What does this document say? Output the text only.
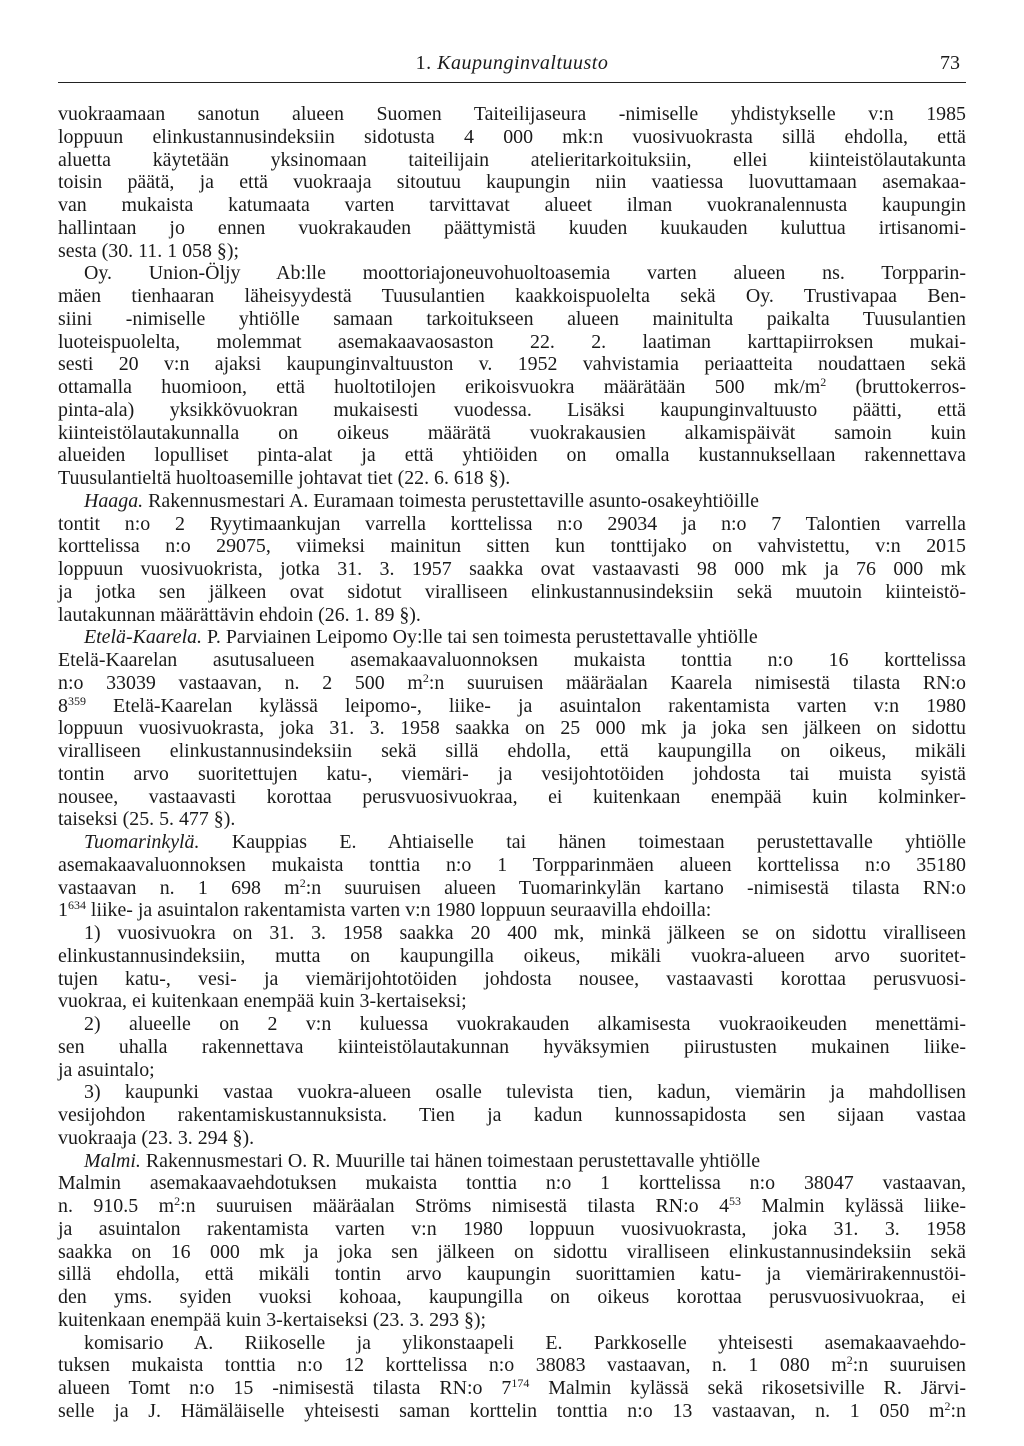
1. Kaupunginvaltuusto	73
vuokraamaan sanotun alueen Suomen Taiteilijaseura -nimiselle yhdistykselle v:n 1985
loppuun elinkustannusindeksiin sidotusta 4 000 mk:n vuosivuokrasta sillä ehdolla, että
aluetta käytetään yksinomaan taiteilijain atelieritarkoituksiin, ellei kiinteistölautakunta
toisin päätä, ja että vuokraaja sitoutuu kaupungin niin vaatiessa luovuttamaan asemakaa-
van mukaista katumaata varten tarvittavat alueet ilman vuokranalennusta kaupungin
hallintaan jo ennen vuokrakauden päättymistä kuuden kuukauden kuluttua irtisanomi-
sesta (30. 11. 1 058 §);
Oy. Union-Öljy Ab:lle moottoriajoneuvohuoltoasemia varten alueen ns. Torpparin-
mäen tienhaaran läheisyydestä Tuusulantien kaakkoispuolelta sekä Oy. Trustivapaa Ben-
siini -nimiselle yhtiölle samaan tarkoitukseen alueen mainitulta paikalta Tuusulantien
luoteispuolelta, molemmat asemakaavaosaston 22. 2. laatiman karttapiirroksen mukai-
sesti 20 v:n ajaksi kaupunginvaltuuston v. 1952 vahvistamia periaatteita noudattaen sekä
ottamalla huomioon, että huoltotilojen erikoisvuokra määrätään 500 $mk/m^2$ (bruttokerros-
pinta-ala) yksikkövuokran mukaisesti vuodessa. Lisäksi kaupunginvaltuusto päätti, että
kiinteistölautakunnalla on oikeus määrätä vuokrakausien alkamispäivät samoin kuin
alueiden lopulliset pinta-alat ja että yhtiöiden on omalla kustannuksellaan rakennettava
Tuusulantieltä huoltoasemille johtavat tiet (22. 6. 618 §).
Haaga. Rakennusmestari A. Euramaan toimesta perustettaville asunto-osakeyhtiöille
tontit n:o 2 Ryytimaankujan varrella korttelissa n:o 29034 ja n:o 7 Talontien varrella
korttelissa n:o 29075, viimeksi mainitun sitten kun tonttijako on vahvistettu, v:n 2015
loppuun vuosivuokrista, jotka 31. 3. 1957 saakka ovat vastaavasti 98 000 mk ja 76 000 mk
ja jotka sen jälkeen ovat sidotut viralliseen elinkustannusindeksiin sekä muutoin kiinteistö-
lautakunnan määrättävin ehdoin (26. 1. 89 §).
Etelä-Kaarela. P. Parviainen Leipomo Oy:lle tai sen toimesta perustettavalle yhtiölle
Etelä-Kaarelan asutusalueen asemakaavaluonnoksen mukaista tonttia n:o 16 korttelissa
n:o 33039 vastaavan, n. 2 500 $m^2:n$ suuruisen määräalan Kaarela nimisestä tilasta RN:o
$8^{359}$ Etelä-Kaarelan kylässä leipomo-, liike- ja asuintalon rakentamista varten v:n 1980
loppuun vuosivuokrasta, joka 31. 3. 1958 saakka on 25 000 mk ja joka sen jälkeen on sidottu
viralliseen elinkustannusindeksiin sekä sillä ehdolla, että kaupungilla on oikeus, mikäli
tontin arvo suoritettujen katu-, viemäri- ja vesijohtotöiden johdosta tai muista syistä
nousee, vastaavasti korottaa perusvuosivuokraa, ei kuitenkaan enempää kuin kolminker-
taiseksi (25. 5. 477 §).
Tuomarinkylä. Kauppias E. Ahtiaiselle tai hänen toimestaan perustettavalle yhtiölle
asemakaavaluonnoksen mukaista tonttia n:o 1 Torpparinmäen alueen korttelissa n:o 35180
vastaavan n. 1 698 $m^2:n$ suuruisen alueen Tuomarinkylän kartano -nimisestä tilasta RN:o
$1^{634}$ liike- ja asuintalon rakentamista varten v:n 1980 loppuun seuraavilla ehdoilla:
1) vuosivuokra on 31. 3. 1958 saakka 20 400 mk, minkä jälkeen se on sidottu viralliseen
elinkustannusindeksiin, mutta on kaupungilla oikeus, mikäli vuokra-alueen arvo suoritet-
tujen katu-, vesi- ja viemärijohtotöiden johdosta nousee, vastaavasti korottaa perusvuosi-
vuokraa, ei kuitenkaan enempää kuin 3-kertaiseksi;
2) alueelle on 2 v:n kuluessa vuokrakauden alkamisesta vuokraoikeuden menettämi-
sen uhalla rakennettava kiinteistölautakunnan hyväksymien piirustusten mukainen liike-
ja asuintalo;
3) kaupunki vastaa vuokra-alueen osalle tulevista tien, kadun, viemärin ja mahdollisen
vesijohdon rakentamiskustannuksista. Tien ja kadun kunnossapidosta sen sijaan vastaa
vuokraaja (23. 3. 294 §).
Malmi. Rakennusmestari O. R. Muurille tai hänen toimestaan perustettavalle yhtiölle
Malmin asemakaavaehdotuksen mukaista tonttia n:o 1 korttelissa n:o 38047 vastaavan,
n. 910.5 $m^2:n$ suuruisen määräalan Ströms nimisestä tilasta RN:o $4^{53}$ Malmin kylässä liike-
ja asuintalon rakentamista varten v:n 1980 loppuun vuosivuokrasta, joka 31. 3. 1958
saakka on 16 000 mk ja joka sen jälkeen on sidottu viralliseen elinkustannusindeksiin sekä
sillä ehdolla, että mikäli tontin arvo kaupungin suorittamien katu- ja viemärirakennustöi-
den yms. syiden vuoksi kohoaa, kaupungilla on oikeus korottaa perusvuosivuokraa, ei
kuitenkaan enempää kuin 3-kertaiseksi (23. 3. 293 §);
komisario A. Riikoselle ja ylikonstaapeli E. Parkkoselle yhteisesti asemakaavaehdo-
tuksen mukaista tonttia n:o 12 korttelissa n:o 38083 vastaavan, n. 1 080 $m^2:n$ suuruisen
alueen Tomt n:o 15 -nimisestä tilasta RN:o $7^{174}$ Malmin kylässä sekä rikosetsiville R. Järvi-
selle ja J. Hämäläiselle yhteisesti saman korttelin tonttia n:o 13 vastaavan, n. 1 050 $m^2:n$
